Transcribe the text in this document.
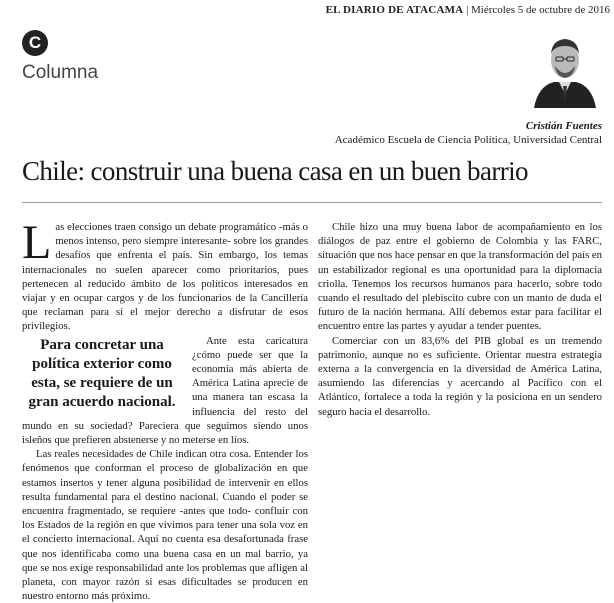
EL DIARIO DE ATACAMA | Miércoles 5 de octubre de 2016
C
Columna
Cristián Fuentes
Académico Escuela de Ciencia Política, Universidad Central
Chile: construir una buena casa en un buen barrio

Las elecciones traen consigo un debate programático -más o menos intenso, pero siempre interesante- sobre los grandes desafíos que enfrenta el país. Sin embargo, los temas internacionales no suelen aparecer como prioritarios, pues pertenecen al reducido ámbito de los políticos interesados en viajar y en ocupar cargos y de los funcionarios de la Cancillería que reclaman para sí el mejor derecho a disfrutar de esos privilegios.

Para concretar una política exterior como esta, se requiere de un gran acuerdo nacional.

Ante esta caricatura ¿cómo puede ser que la economía más abierta de América Latina aprecie de una manera tan escasa la influencia del resto del mundo en su sociedad? Pareciera que seguimos siendo unos isleños que prefieren abstenerse y no meterse en líos.

Las reales necesidades de Chile indican otra cosa. Entender los fenómenos que conforman el proceso de globalización en que estamos insertos y tener alguna posibilidad de intervenir en ellos resulta fundamental para el destino nacional. Cuando el poder se encuentra fragmentado, se requiere -antes que todo- confluir con los Estados de la región en que vivimos para tener una sola voz en el concierto internacional. Aquí no cuenta esa desafortunada frase que nos identificaba como una buena casa en un mal barrio, ya que se nos exige responsabilidad ante los problemas que afligen al planeta, con mayor razón si esas dificultades se producen en nuestro entorno más próximo.

Chile hizo una muy buena labor de acompañamiento en los diálogos de paz entre el gobierno de Colombia y las FARC, situación que nos hace pensar en que la transformación del país en un estabilizador regional es una oportunidad para la diplomacia criolla. Tenemos los recursos humanos para hacerlo, sobre todo cuando el resultado del plebiscito cubre con un manto de duda el futuro de la nación hermana. Allí debemos estar para facilitar el encuentro entre las partes y ayudar a tender puentes.

Comerciar con un 83,6% del PIB global es un tremendo patrimonio, aunque no es suficiente. Orientar nuestra estrategia externa a la convergencia en la diversidad de América Latina, asumiendo las diferencias y acercando al Pacífico con el Atlántico, fortalece a toda la región y la posiciona en un sendero seguro hacia el desarrollo.
